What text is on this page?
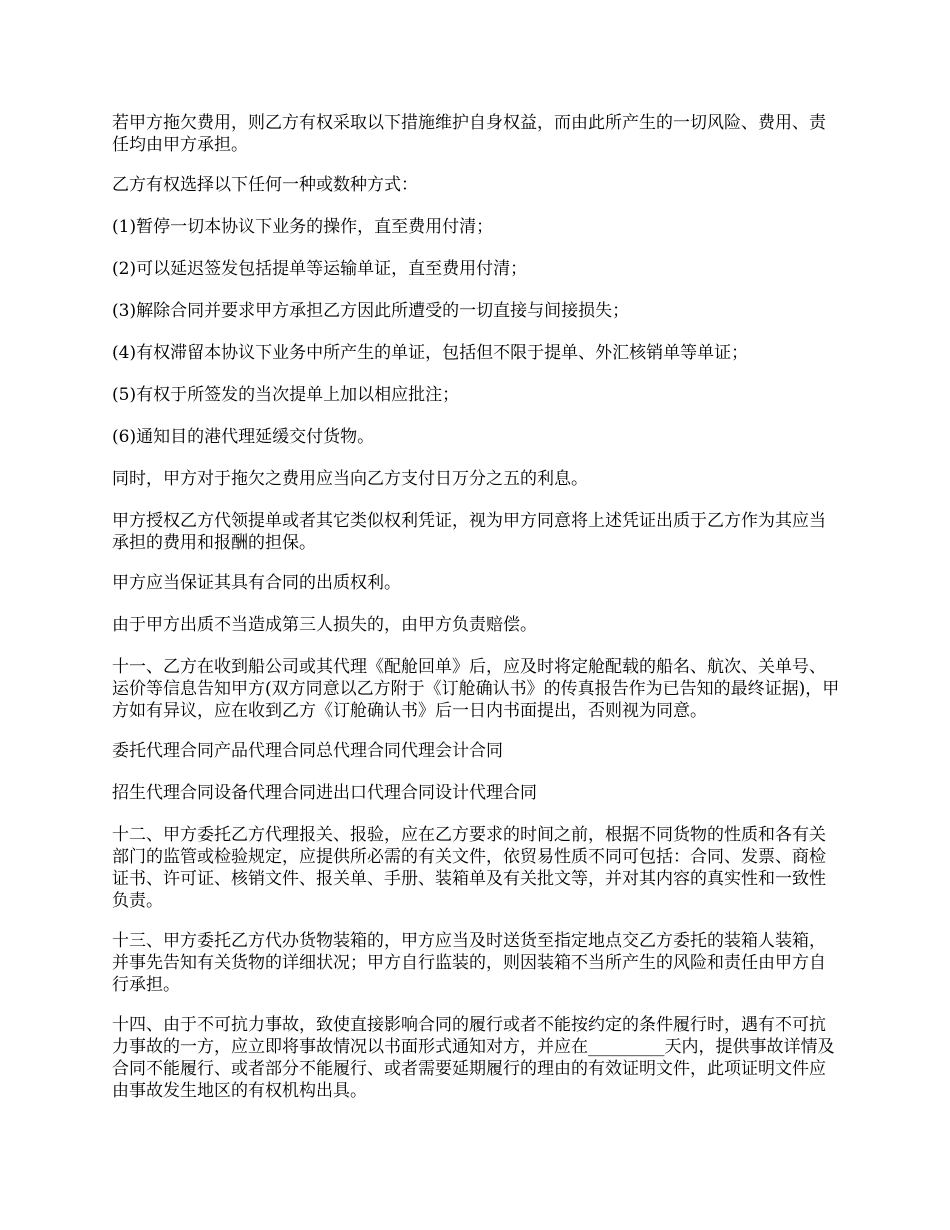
若甲方拖欠费用，则乙方有权采取以下措施维护自身权益，而由此所产生的一切风险、费用、责任均由甲方承担。

乙方有权选择以下任何一种或数种方式：

(1)暂停一切本协议下业务的操作，直至费用付清；

(2)可以延迟签发包括提单等运输单证，直至费用付清；

(3)解除合同并要求甲方承担乙方因此所遭受的一切直接与间接损失；

(4)有权滞留本协议下业务中所产生的单证，包括但不限于提单、外汇核销单等单证；

(5)有权于所签发的当次提单上加以相应批注；

(6)通知目的港代理延缓交付货物。

同时，甲方对于拖欠之费用应当向乙方支付日万分之五的利息。

甲方授权乙方代领提单或者其它类似权利凭证，视为甲方同意将上述凭证出质于乙方作为其应当承担的费用和报酬的担保。

甲方应当保证其具有合同的出质权利。

由于甲方出质不当造成第三人损失的，由甲方负责赔偿。

十一、乙方在收到船公司或其代理《配舱回单》后，应及时将定舱配载的船名、航次、关单号、运价等信息告知甲方(双方同意以乙方附于《订舱确认书》的传真报告作为已告知的最终证据)，甲方如有异议，应在收到乙方《订舱确认书》后一日内书面提出，否则视为同意。

委托代理合同产品代理合同总代理合同代理会计合同

招生代理合同设备代理合同进出口代理合同设计代理合同

十二、甲方委托乙方代理报关、报验，应在乙方要求的时间之前，根据不同货物的性质和各有关部门的监管或检验规定，应提供所必需的有关文件，依贸易性质不同可包括：合同、发票、商检证书、许可证、核销文件、报关单、手册、装箱单及有关批文等，并对其内容的真实性和一致性负责。

十三、甲方委托乙方代办货物装箱的，甲方应当及时送货至指定地点交乙方委托的装箱人装箱，并事先告知有关货物的详细状况；甲方自行监装的，则因装箱不当所产生的风险和责任由甲方自行承担。

十四、由于不可抗力事故，致使直接影响合同的履行或者不能按约定的条件履行时，遇有不可抗力事故的一方，应立即将事故情况以书面形式通知对方，并应在_________天内，提供事故详情及合同不能履行、或者部分不能履行、或者需要延期履行的理由的有效证明文件，此项证明文件应由事故发生地区的有权机构出具。
